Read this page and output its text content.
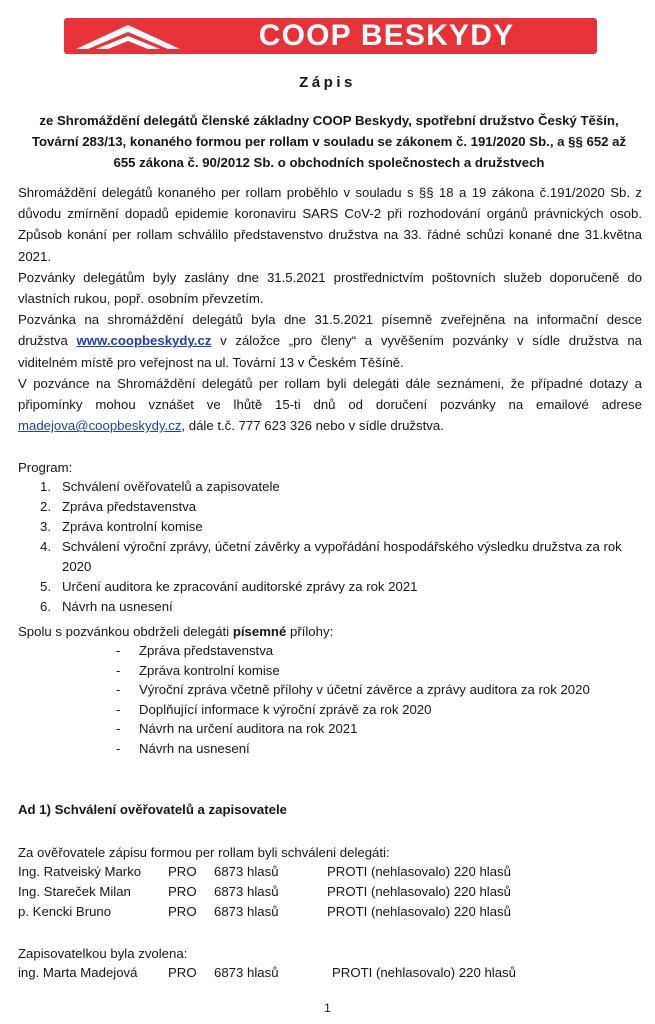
COOP BESKYDY
Zápis
ze Shromáždění delegátů členské základny COOP Beskydy, spotřební družstvo Český Těšín, Tovární 283/13, konaného formou per rollam v souladu se zákonem č. 191/2020 Sb., a §§ 652 až 655 zákona č. 90/2012 Sb. o obchodních společnostech a družstvech

Shromáždění delegátů konaného per rollam proběhlo v souladu s §§ 18 a 19 zákona č.191/2020 Sb. z důvodu zmírnění dopadů epidemie koronaviru SARS CoV-2 při rozhodování orgánů právnických osob. Způsob konání per rollam schválilo představenstvo družstva na 33. řádné schůzi konané dne 31.května 2021.

Pozvánky delegátům byly zaslány dne 31.5.2021 prostřednictvím poštovních služeb doporučeně do vlastních rukou, popř. osobním převzetím.

Pozvánka na shromáždění delegátů byla dne 31.5.2021 písemně zveřejněna na informační desce družstva www.coopbeskydy.cz v záložce „pro členy“ a vyvěšením pozvánky v sídle družstva na viditelném místě pro veřejnost na ul. Tovární 13 v Českém Těšíně.

V pozvánce na Shromáždění delegátů per rollam byli delegáti dále seznámeni, že případné dotazy a připomínky mohou vznášet ve lhůtě 15-ti dnů od doručení pozvánky na emailové adrese madejova@coopbeskydy.cz, dále t.č. 777 623 326 nebo v sídle družstva.

Program:
1. Schválení ověřovatelů a zapisovatele
2. Zpráva představenstva
3. Zpráva kontrolní komise
4. Schválení výroční zprávy, účetní závěrky a vypořádání hospodářského výsledku družstva za rok 2020
5. Určení auditora ke zpracování auditorské zprávy za rok 2021
6. Návrh na usnesení
Spolu s pozvánkou obdrželi delegáti písemné přílohy:
- Zpráva představenstva
- Zpráva kontrolní komise
- Výroční zpráva včetně přílohy v účetní závěrce a zprávy auditora za rok 2020
- Doplňující informace k výroční zprávě za rok 2020
- Návrh na určení auditora na rok 2021
- Návrh na usnesení
Ad 1) Schválení ověřovatelů a zapisovatele
Za ověřovatele zápisu formou per rollam byli schváleni delegáti:
Ing. Ratveiský Marko PRO 6873 hlasů	PROTI (nehlasovalo) 220 hlasů
Ing. Stareček Milan	PRO 6873 hlasů	PROTI (nehlasovalo) 220 hlasů
p. Kencki Bruno	PRO 6873 hlasů	PROTI (nehlasovalo) 220 hlasů
Zapisovatelkou byla zvolena:
ing. Marta Madejová PRO 6873 hlasů	PROTI (nehlasovalo) 220 hlasů
1
